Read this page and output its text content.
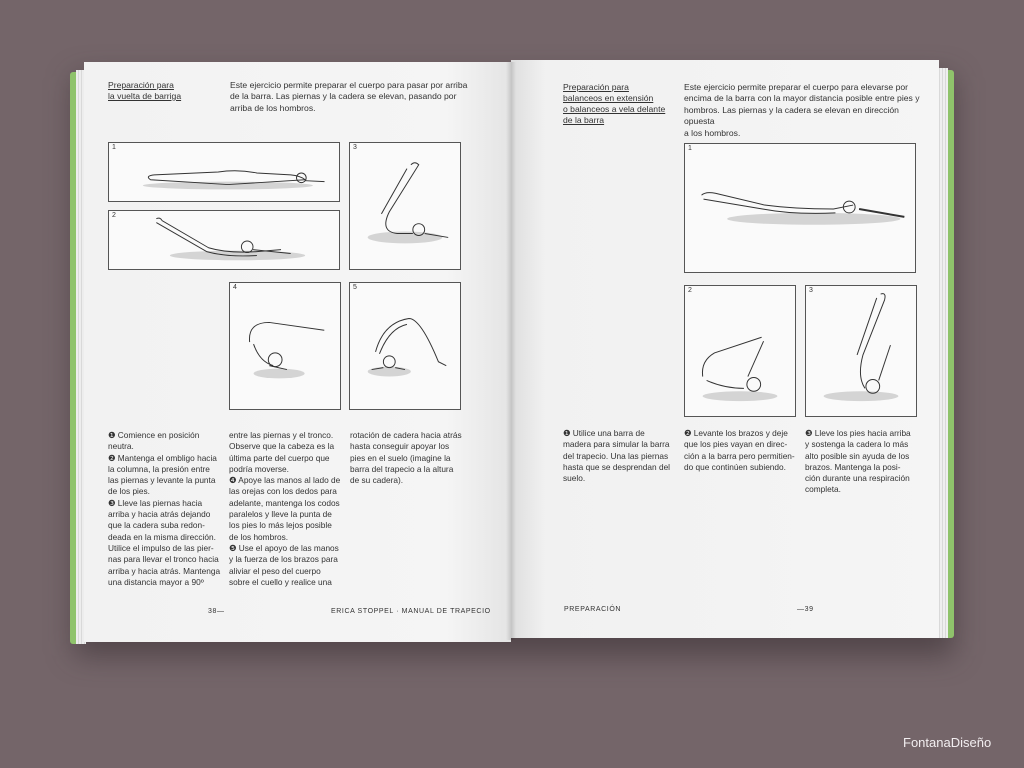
Preparación para
la vuelta de barriga
Este ejercicio permite preparar el cuerpo para pasar por arriba
de la barra. Las piernas y la cadera se elevan, pasando por
arriba de los hombros.
1
2
3
4	5

❶ Comience en posición

neutra.

❷ Mantenga el ombligo hacia

la columna, la presión entre

las piernas y levante la punta

de los pies.

❸ Lleve las piernas hacia

arriba y hacia atrás dejando

que la cadera suba redon-

deada en la misma dirección.

Utilice el impulso de las pier-

nas para llevar el tronco hacia

arriba y hacia atrás. Mantenga

una distancia mayor a 90º

entre las piernas y el tronco.

Observe que la cabeza es la

última parte del cuerpo que

podría moverse.

❹ Apoye las manos al lado de

las orejas con los dedos para

adelante, mantenga los codos

paralelos y lleve la punta de

los pies lo más lejos posible

de los hombros.

❺ Use el apoyo de las manos

y la fuerza de los brazos para

aliviar el peso del cuerpo

sobre el cuello y realice una

rotación de cadera hacia atrás

hasta conseguir apoyar los

pies en el suelo (imagine la

barra del trapecio a la altura

de su cadera).

38—	ERICA STOPPEL · MANUAL DE TRAPECIO
Preparación para
balanceos en extensión
o balanceos a vela delante
de la barra
Este ejercicio permite preparar el cuerpo para elevarse por
encima de la barra con la mayor distancia posible entre pies y
hombros. Las piernas y la cadera se elevan en dirección opuesta
a los hombros.
1
2	3

❶ Utilice una barra de

madera para simular la barra

del trapecio. Una las piernas

hasta que se desprendan del

suelo.

❷ Levante los brazos y deje

que los pies vayan en direc-

ción a la barra pero permitien-

do que continúen subiendo.

❸ Lleve los pies hacia arriba

y sostenga la cadera lo más

alto posible sin ayuda de los

brazos. Mantenga la posi-

ción durante una respiración

completa.

PREPARACIÓN	—39
FontanaDiseño
